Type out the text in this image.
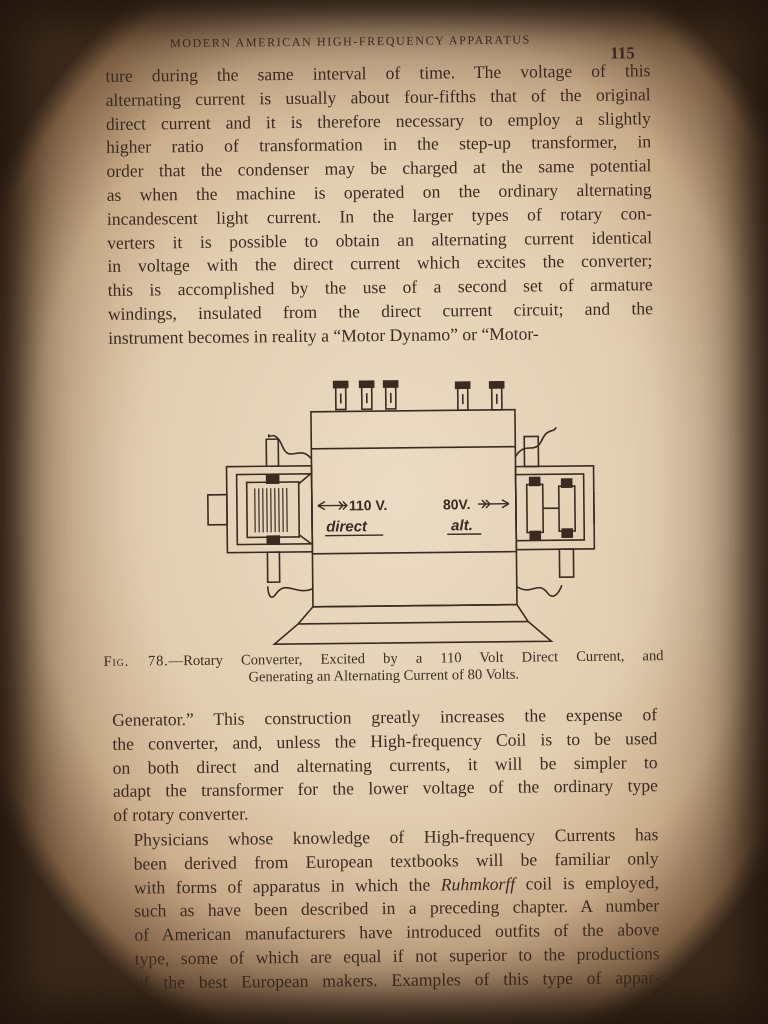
MODERN AMERICAN HIGH-FREQUENCY APPARATUS
115
ture during the same interval of time. The voltage of this
alternating current is usually about four-fifths that of the original
direct current and it is therefore necessary to employ a slightly
higher ratio of transformation in the step-up transformer, in
order that the condenser may be charged at the same potential
as when the machine is operated on the ordinary alternating
incandescent light current. In the larger types of rotary con-
verters it is possible to obtain an alternating current identical
in voltage with the direct current which excites the converter;
this is accomplished by the use of a second set of armature
windings, insulated from the direct current circuit; and the
instrument becomes in reality a “Motor Dynamo” or “Motor-
110 V.
direct
80V.
alt.
Fig. 78.—Rotary Converter, Excited by a 110 Volt Direct Current, and
Generating an Alternating Current of 80 Volts.
Generator.” This construction greatly increases the expense of
the converter, and, unless the High-frequency Coil is to be used
on both direct and alternating currents, it will be simpler to
adapt the transformer for the lower voltage of the ordinary type
of rotary converter.
Physicians whose knowledge of High-frequency Currents has
been derived from European textbooks will be familiar only
with forms of apparatus in which the Ruhmkorff coil is employed,
such as have been described in a preceding chapter. A number
of American manufacturers have introduced outfits of the above
type, some of which are equal if not superior to the productions
of the best European makers. Examples of this type of appar-
